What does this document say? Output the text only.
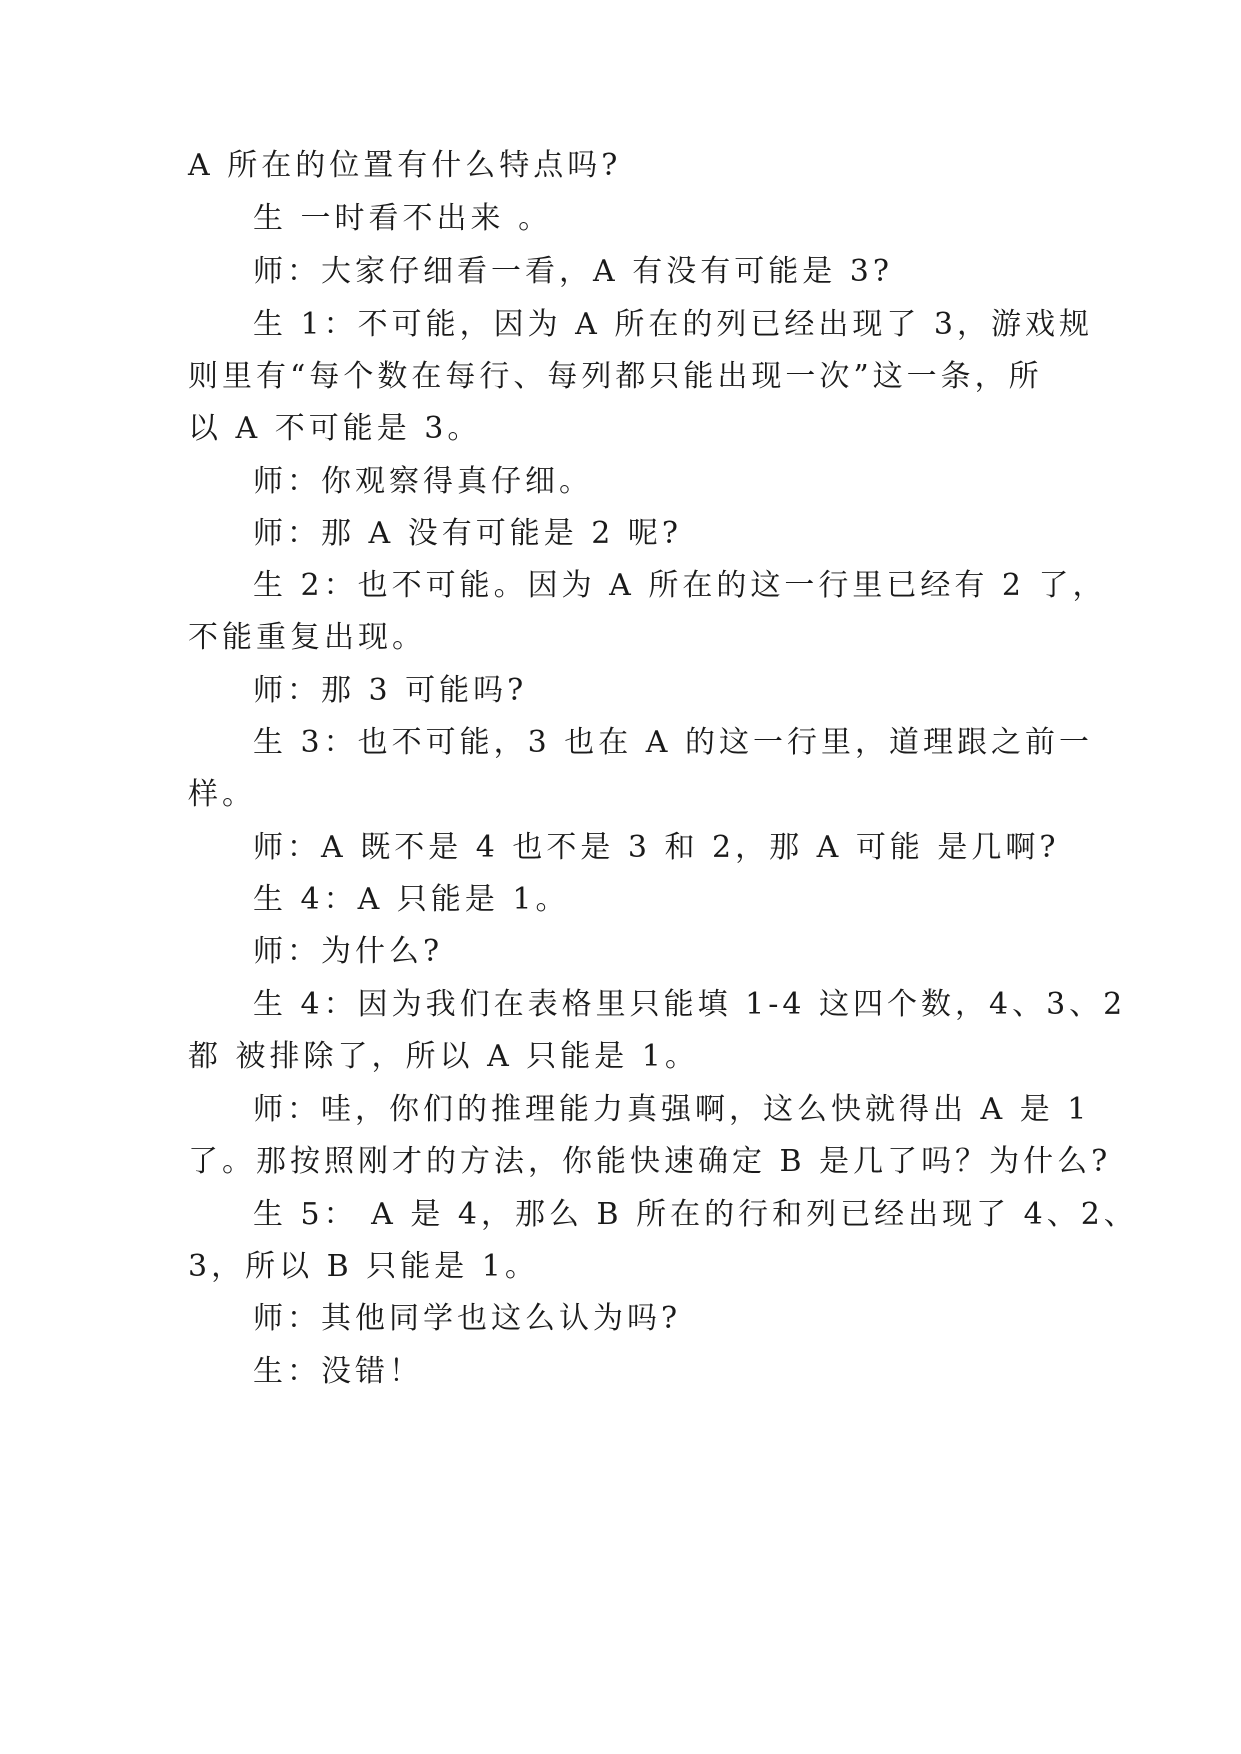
A 所在的位置有什么特点吗?
生 一时看不出来 。
师：大家仔细看一看，A 有没有可能是 3?
生 1：不可能，因为 A 所在的列已经出现了 3，游戏规
则里有“每个数在每行、每列都只能出现一次”这一条，所
以 A 不可能是 3。
师：你观察得真仔细。
师：那 A 没有可能是 2 呢?
生 2：也不可能。因为 A 所在的这一行里已经有 2 了，
不能重复出现。
师：那 3 可能吗?
生 3：也不可能，3 也在 A 的这一行里，道理跟之前一
样。
师：A 既不是 4 也不是 3 和 2，那 A 可能 是几啊?
生 4：A 只能是 1。
师：为什么?
生 4：因为我们在表格里只能填 1-4 这四个数，4、3、2
都 被排除了，所以 A 只能是 1。
师：哇，你们的推理能力真强啊，这么快就得出 A 是 1
了。那按照刚才的方法，你能快速确定 B 是几了吗？为什么?
生 5： A 是 4，那么 B 所在的行和列已经出现了 4、2、
3，所以 B 只能是 1。
师：其他同学也这么认为吗?
生：没错！
